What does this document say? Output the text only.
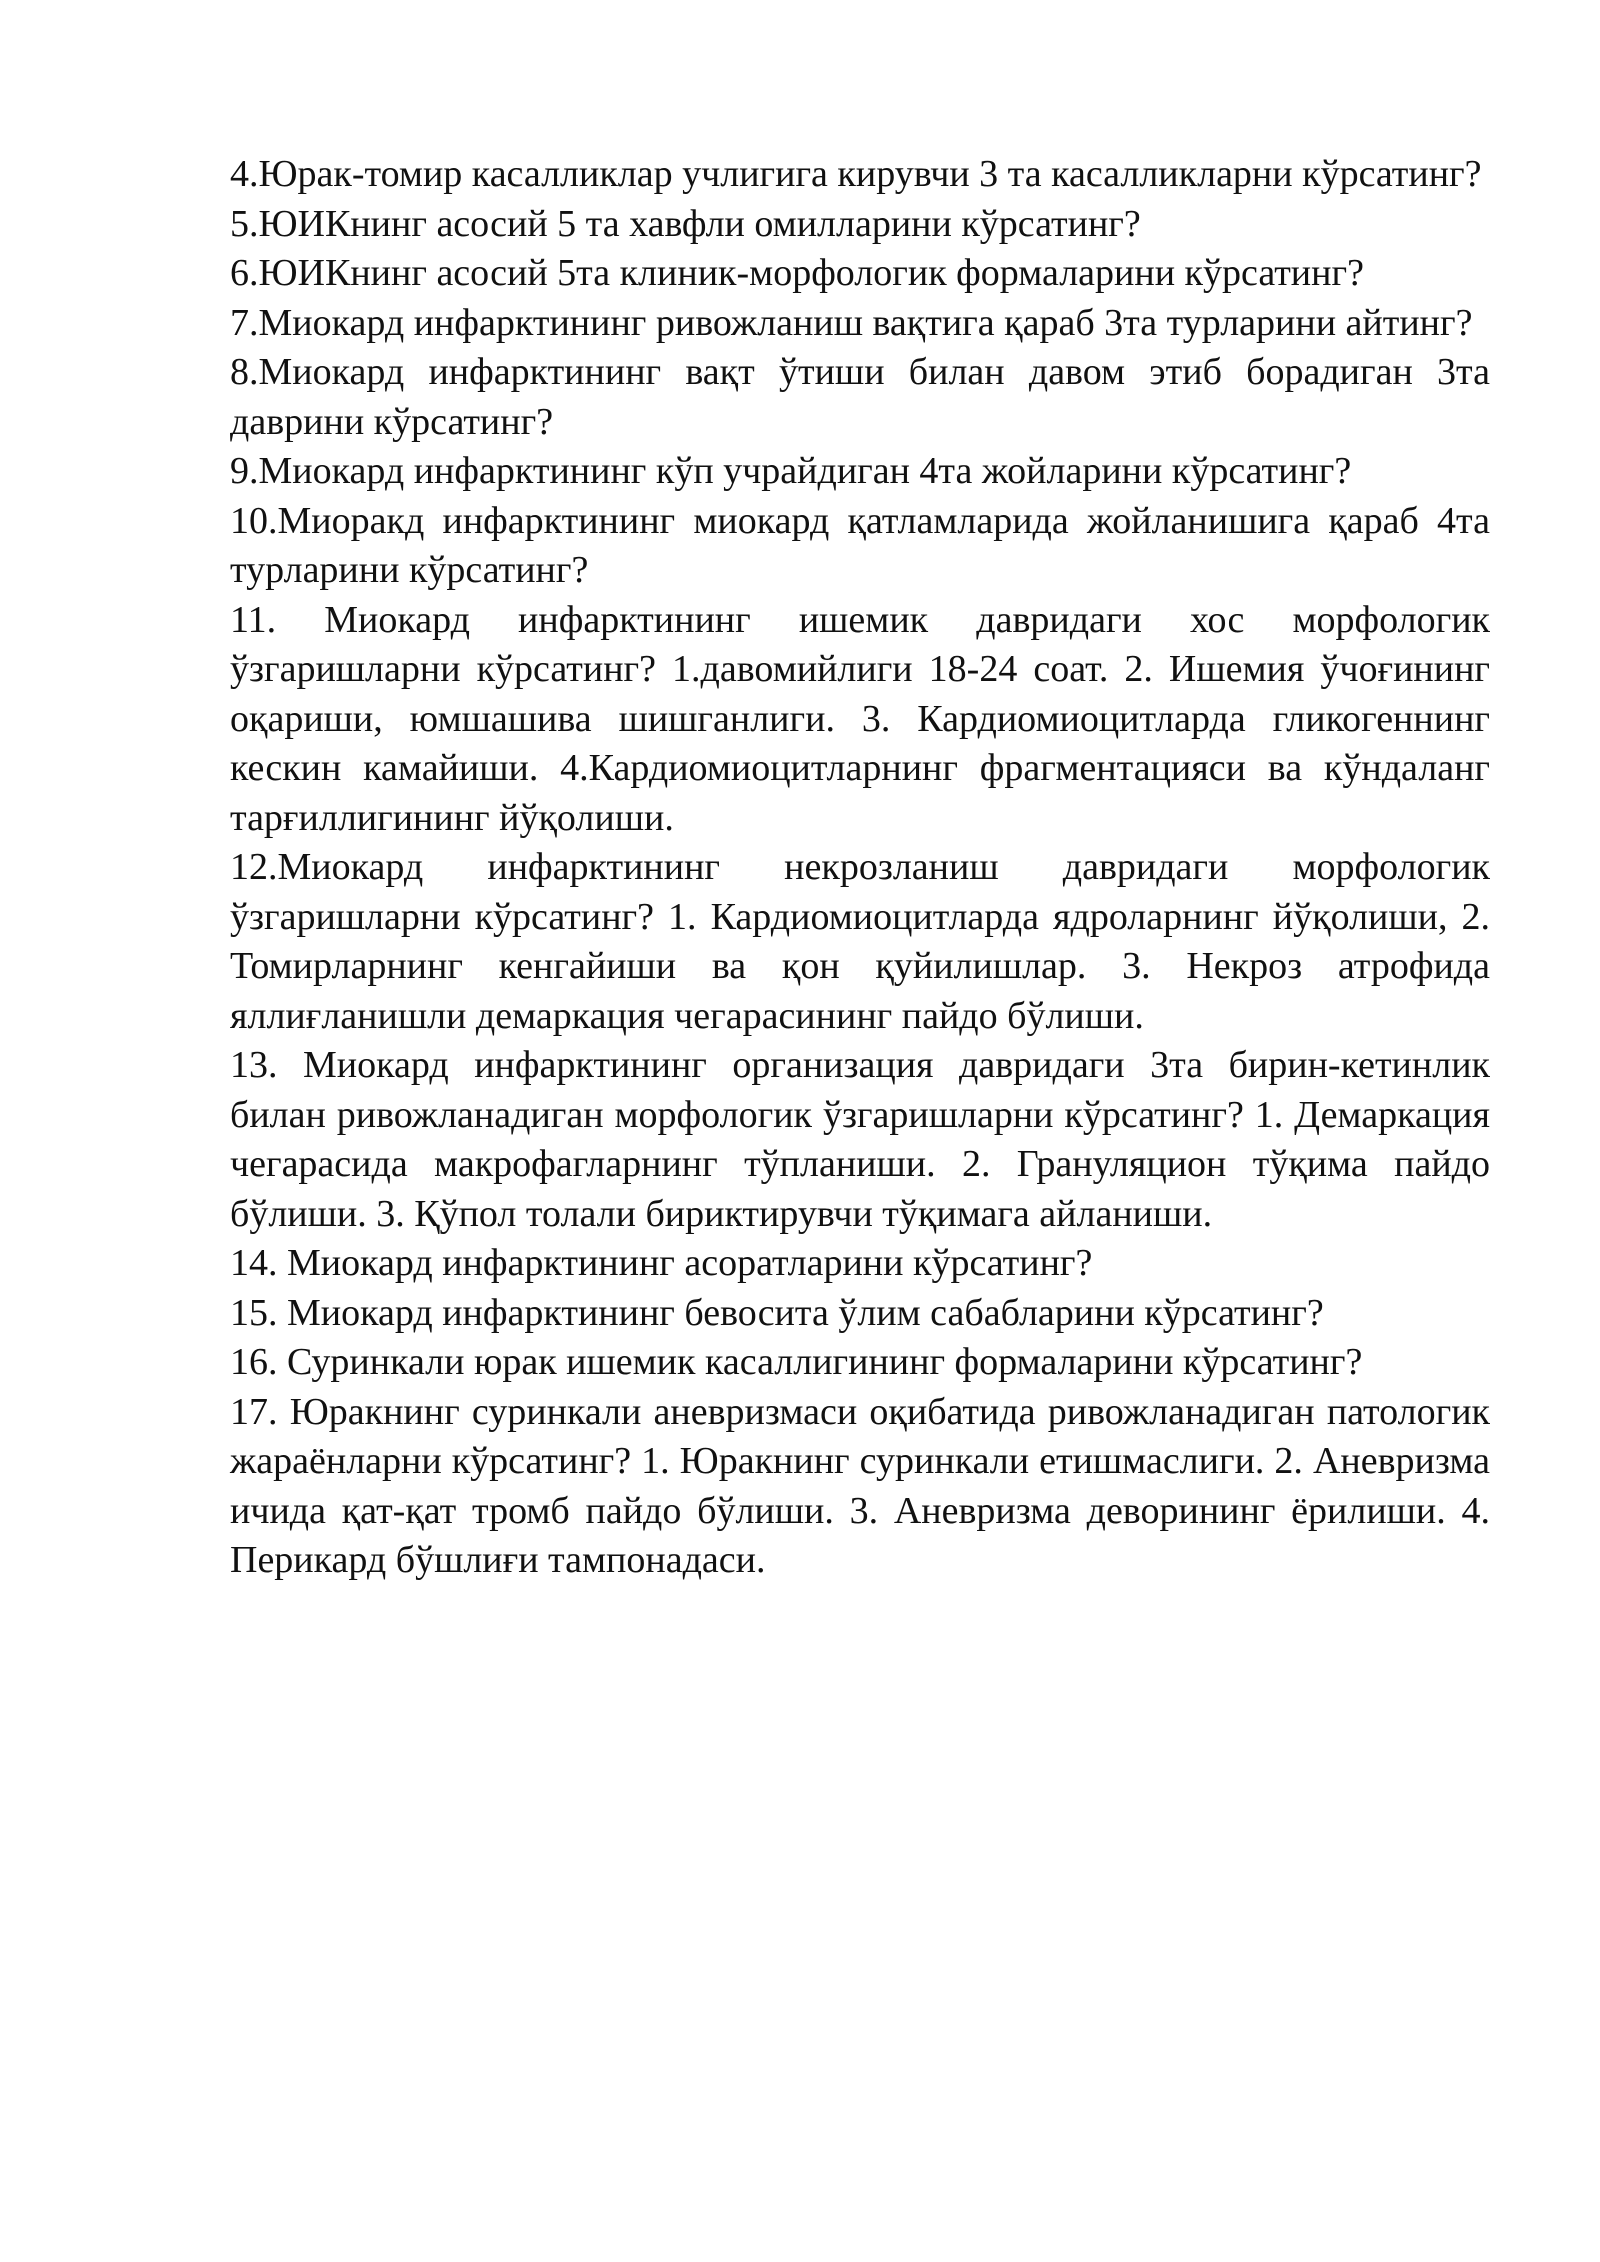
4.Юрак-томир касалликлар учлигига кирувчи 3 та касалликларни кўрсатинг?

5.ЮИКнинг асосий 5 та хавфли омилларини кўрсатинг?

6.ЮИКнинг асосий 5та клиник-морфологик формаларини кўрсатинг?

7.Миокард инфарктининг ривожланиш вақтига қараб 3та турларини айтинг?

8.Миокард инфарктининг вақт ўтиши билан давом этиб борадиган 3та даврини кўрсатинг?

9.Миокард инфарктининг кўп учрайдиган 4та жойларини кўрсатинг?

10.Миоракд инфарктининг миокард қатламларида жойланишига қараб 4та турларини кўрсатинг?

11. Миокард инфарктининг ишемик давридаги хос морфологик ўзгаришларни кўрсатинг? 1.давомийлиги 18-24 соат. 2. Ишемия ўчоғининг оқариши, юмшашива шишганлиги. 3. Кардиомиоцитларда гликогеннинг кескин камайиши. 4.Кардиомиоцитларнинг фрагментацияси ва кўндаланг тарғиллигининг йўқолиши.

12.Миокард инфарктининг некрозланиш давридаги морфологик ўзгаришларни кўрсатинг? 1. Кардиомиоцитларда ядроларнинг йўқолиши, 2. Томирларнинг кенгайиши ва қон қуйилишлар. 3. Некроз атрофида яллиғланишли демаркация чегарасининг пайдо бўлиши.

13. Миокард инфарктининг организация давридаги 3та бирин-кетинлик билан ривожланадиган морфологик ўзгаришларни кўрсатинг? 1. Демаркация чегарасида макрофагларнинг тўпланиши. 2. Грануляцион тўқима пайдо бўлиши. 3. Қўпол толали бириктирувчи тўқимага айланиши.

14. Миокард инфарктининг асоратларини кўрсатинг?

15. Миокард инфарктининг бевосита ўлим сабабларини кўрсатинг?

16. Суринкали юрак ишемик касаллигининг формаларини кўрсатинг?

17. Юракнинг суринкали аневризмаси оқибатида ривожланадиган патологик жараёнларни кўрсатинг? 1. Юракнинг суринкали етишмаслиги. 2. Аневризма ичида қат-қат тромб пайдо бўлиши. 3. Аневризма деворининг ёрилиши. 4. Перикард бўшлиғи тампонадаси.
